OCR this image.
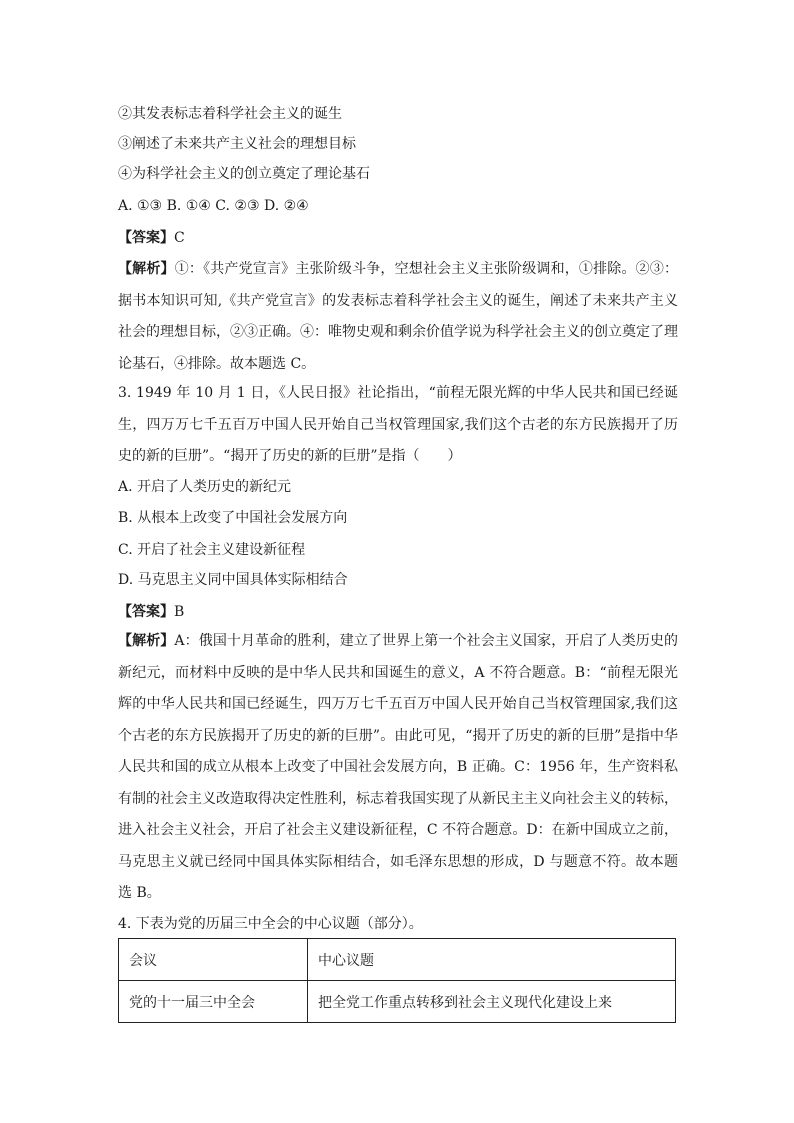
②其发表标志着科学社会主义的诞生
③阐述了未来共产主义社会的理想目标
④为科学社会主义的创立奠定了理论基石
A. ①③ B. ①④ C. ②③ D. ②④
【答案】C
【解析】①：《共产党宣言》主张阶级斗争，空想社会主义主张阶级调和，①排除。②③：据书本知识可知,《共产党宣言》的发表标志着科学社会主义的诞生，阐述了未来共产主义社会的理想目标，②③正确。④：唯物史观和剩余价值学说为科学社会主义的创立奠定了理论基石，④排除。故本题选 C。
3. 1949 年 10 月 1 日，《人民日报》社论指出，“前程无限光辉的中华人民共和国已经诞生，四万万七千五百万中国人民开始自己当权管理国家,我们这个古老的东方民族揭开了历史的新的巨册”。“揭开了历史的新的巨册”是指（　　）
A. 开启了人类历史的新纪元
B. 从根本上改变了中国社会发展方向
C. 开启了社会主义建设新征程
D. 马克思主义同中国具体实际相结合
【答案】B
【解析】A：俄国十月革命的胜利，建立了世界上第一个社会主义国家，开启了人类历史的新纪元，而材料中反映的是中华人民共和国诞生的意义，A 不符合题意。B：“前程无限光辉的中华人民共和国已经诞生，四万万七千五百万中国人民开始自己当权管理国家,我们这个古老的东方民族揭开了历史的新的巨册”。由此可见，“揭开了历史的新的巨册”是指中华人民共和国的成立从根本上改变了中国社会发展方向，B 正确。C：1956 年，生产资料私有制的社会主义改造取得决定性胜利，标志着我国实现了从新民主主义向社会主义的转标，进入社会主义社会，开启了社会主义建设新征程，C 不符合题意。D：在新中国成立之前，马克思主义就已经同中国具体实际相结合，如毛泽东思想的形成，D 与题意不符。故本题选 B。
4. 下表为党的历届三中全会的中心议题（部分）。
会议	中心议题
党的十一届三中全会	把全党工作重点转移到社会主义现代化建设上来
